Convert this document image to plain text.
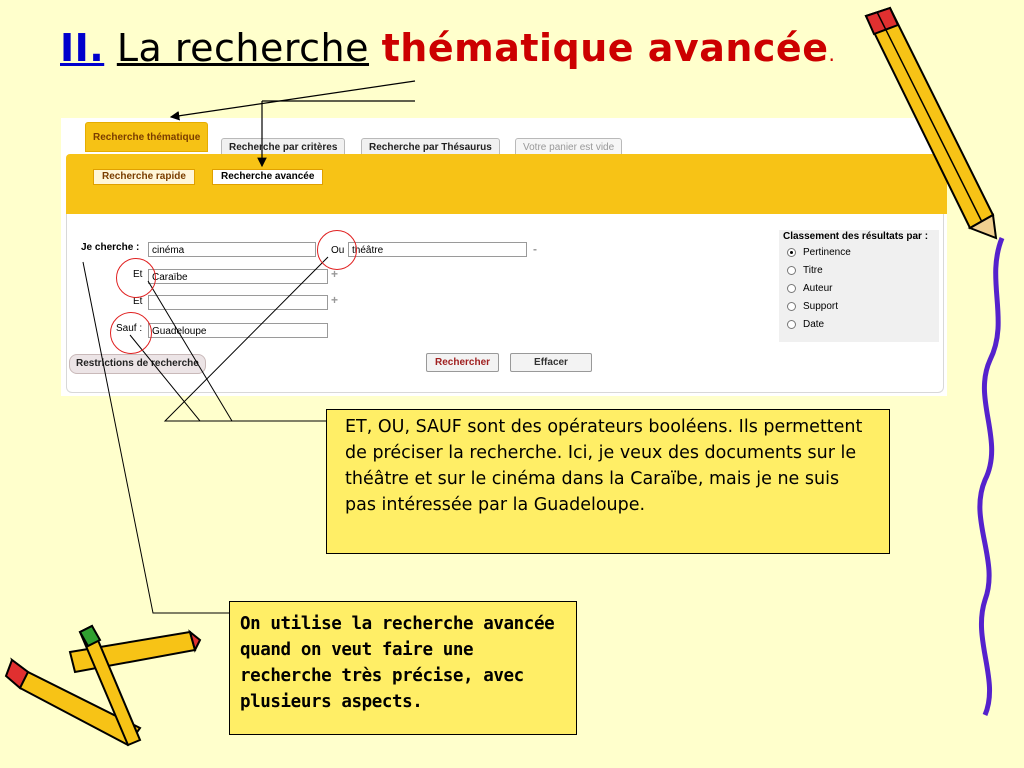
II. La recherche thématique avancée.
Recherche thématique
Recherche par critères	Recherche par Thésaurus	Votre panier est vide
Recherche rapide	Recherche avancée
Je cherche :	cinéma	Ou théâtre	-
Et Caraïbe	+
Et	+
Sauf : Guadeloupe
Restrictions de recherche	Rechercher	Effacer
Classement des résultats par :
Pertinence
Titre
Auteur
Support
Date
ET, OU, SAUF sont des opérateurs booléens. Ils permettent de préciser la recherche. Ici, je veux des documents sur le théâtre et sur le cinéma dans la Caraïbe, mais je ne suis pas intéressée par la Guadeloupe.
On utilise la recherche avancée quand on veut faire une recherche très précise, avec plusieurs aspects.
